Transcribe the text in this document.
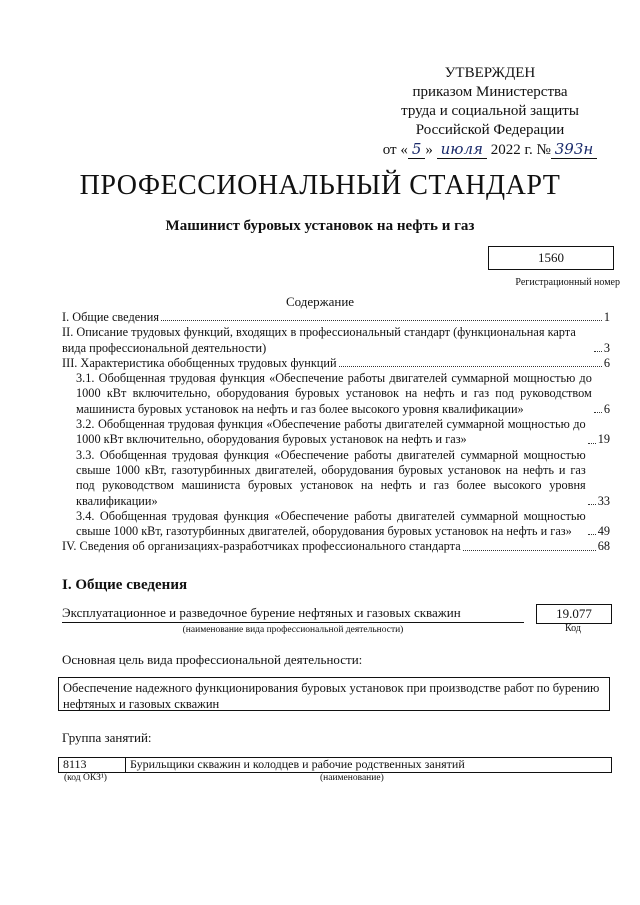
УТВЕРЖДЕН
приказом Министерства
труда и социальной защиты
Российской Федерации
от « 5 » июля 2022 г. № 393н
ПРОФЕССИОНАЛЬНЫЙ СТАНДАРТ
Машинист буровых установок на нефть и газ
1560
Регистрационный номер
Содержание
I. Общие сведения	1
II. Описание трудовых функций, входящих в профессиональный стандарт (функциональная карта вида профессиональной деятельности)	3
III. Характеристика обобщенных трудовых функций	6
3.1. Обобщенная трудовая функция «Обеспечение работы двигателей суммарной мощностью до 1000 кВт включительно, оборудования буровых установок на нефть и газ под руководством машиниста буровых установок на нефть и газ более высокого уровня квалификации»	6
3.2. Обобщенная трудовая функция «Обеспечение работы двигателей суммарной мощностью до 1000 кВт включительно, оборудования буровых установок на нефть и газ»	19
3.3. Обобщенная трудовая функция «Обеспечение работы двигателей суммарной мощностью свыше 1000 кВт, газотурбинных двигателей, оборудования буровых установок на нефть и газ под руководством машиниста буровых установок на нефть и газ более высокого уровня квалификации»	33
3.4. Обобщенная трудовая функция «Обеспечение работы двигателей суммарной мощностью свыше 1000 кВт, газотурбинных двигателей, оборудования буровых установок на нефть и газ»	49
IV. Сведения об организациях-разработчиках профессионального стандарта	68
I. Общие сведения
Эксплуатационное и разведочное бурение нефтяных и газовых скважин
(наименование вида профессиональной деятельности)
19.077
Код
Основная цель вида профессиональной деятельности:
Обеспечение надежного функционирования буровых установок при производстве работ по бурению нефтяных и газовых скважин
Группа занятий:
8113	Бурильщики скважин и колодцев и рабочие родственных занятий
(код ОКЗ¹)	(наименование)
